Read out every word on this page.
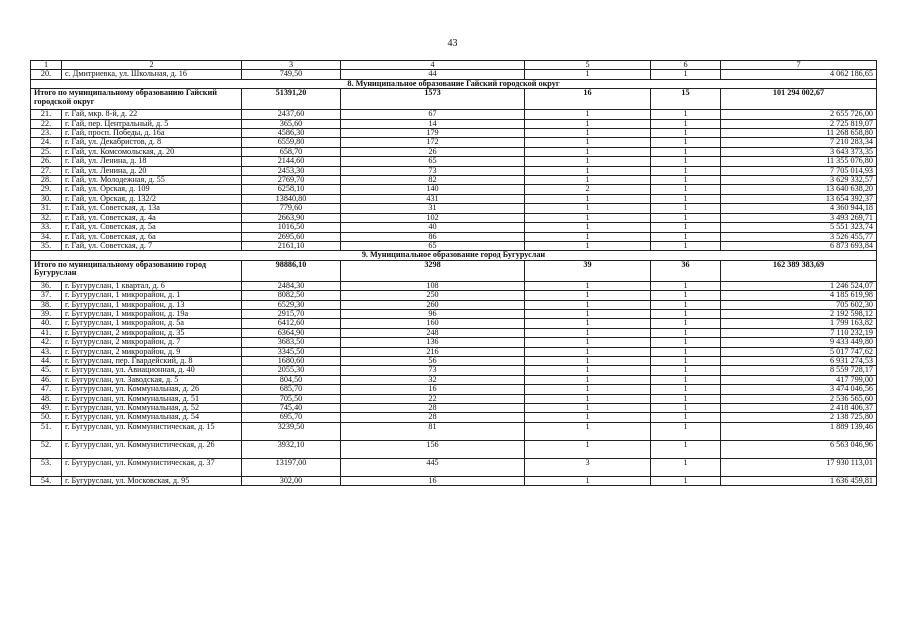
43
1	2	3	4	5	6	7
20.	с. Дмитриевка, ул. Школьная, д. 16	749,50	44	1	1	4 062 186,65
8. Муниципальное образование Гайский городской округ						
Итого по муниципальному образованию Гайский городской округ		51391,20	1573	16	15	101 294 002,67
21.	г. Гай, мкр. 8-й, д. 22	2437,60	67	1	1	2 655 726,00
22.	г. Гай, пер. Центральный, д. 5	365,60	14	1	1	2 725 819,07
23.	г. Гай, просп. Победы, д. 16а	4586,30	179	1	1	11 268 658,80
24.	г. Гай, ул. Декабристов, д. 8	6559,80	172	1	1	7 210 283,34
25.	г. Гай, ул. Комсомольская, д. 20	658,70	26	1	1	3 643 373,35
26.	г. Гай, ул. Ленина, д. 18	2144,60	65	1	1	11 355 076,80
27.	г. Гай, ул. Ленина, д. 20	2453,30	73	1	1	7 705 014,93
28.	г. Гай, ул. Молодежная, д. 55	2769,70	82	1	1	3 629 332,57
29.	г. Гай, ул. Орская, д. 109	6258,10	140	2	1	13 640 638,20
30.	г. Гай, ул. Орская, д. 132/2	13840,80	431	1	1	13 654 392,37
31.	г. Гай, ул. Советская, д. 13а	779,60	31	1	1	4 360 944,18
32.	г. Гай, ул. Советская, д. 4а	2663,90	102	1	1	3 493 269,71
33.	г. Гай, ул. Советская, д. 5а	1016,50	40	1	1	5 551 323,74
34.	г. Гай, ул. Советская, д. 6а	2695,60	86	1	1	3 526 455,77
35.	г. Гай, ул. Советская, д. 7	2161,10	65	1	1	6 873 693,84
9. Муниципальное образование город Бугуруслан						
Итого по муниципальному образованию город Бугуруслан		98886,10	3298	39	36	162 389 383,69
36.	г. Бугуруслан, 1 квартал, д. 6	2484,30	108	1	1	1 246 524,07
37.	г. Бугуруслан, 1 микрорайон, д. 1	8082,50	250	1	1	4 185 619,98
38.	г. Бугуруслан, 1 микрорайон, д. 13	6529,30	260	1	1	705 602,30
39.	г. Бугуруслан, 1 микрорайон, д. 19а	2915,70	96	1	1	2 192 598,12
40.	г. Бугуруслан, 1 микрорайон, д. 5а	6412,60	160	1	1	1 799 163,82
41.	г. Бугуруслан, 2 микрорайон, д. 35	6364,90	248	1	1	7 110 232,19
42.	г. Бугуруслан, 2 микрорайон, д. 7	3683,50	136	1	1	9 433 449,80
43.	г. Бугуруслан, 2 микрорайон, д. 9	3345,50	216	1	1	5 017 747,62
44.	г. Бугуруслан, пер. Гвардейский, д. 8	1680,60	56	1	1	6 931 274,53
45.	г. Бугуруслан, ул. Авиационная, д. 40	2055,30	73	1	1	8 559 728,17
46.	г. Бугуруслан, ул. Заводская, д. 5	804,50	32	1	1	417 799,00
47.	г. Бугуруслан, ул. Коммунальная, д. 26	685,70	16	1	1	3 474 046,56
48.	г. Бугуруслан, ул. Коммунальная, д. 51	705,50	22	1	1	2 536 565,60
49.	г. Бугуруслан, ул. Коммунальная, д. 52	745,40	28	1	1	2 418 406,37
50.	г. Бугуруслан, ул. Коммунальная, д. 54	695,70	28	1	1	2 138 725,80
51.	г. Бугуруслан, ул. Коммунистическая, д. 15	3239,50	81	1	1	1 889 139,46
52.	г. Бугуруслан, ул. Коммунистическая, д. 26	3932,10	156	1	1	6 563 046,96
53.	г. Бугуруслан, ул. Коммунистическая, д. 37	13197,00	445	3	1	17 930 113,01
54.	г. Бугуруслан, ул. Московская, д. 95	302,00	16	1	1	1 636 459,81
